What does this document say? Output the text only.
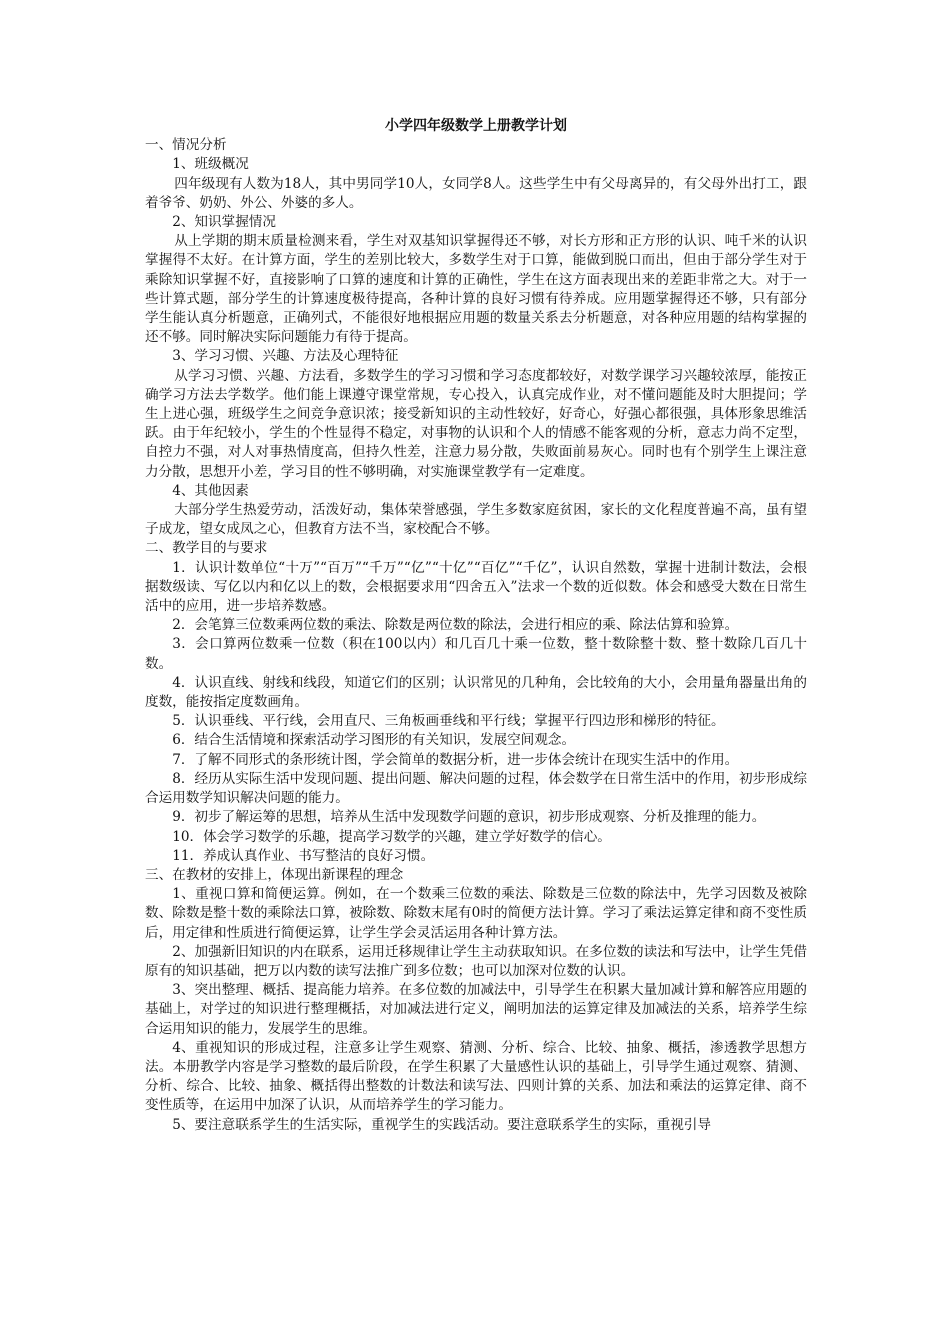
小学四年级数学上册教学计划

一、情况分析

1、班级概况

四年级现有人数为18人，其中男同学10人，女同学8人。这些学生中有父母离异的，有父母外出打工，跟着爷爷、奶奶、外公、外婆的多人。

2、知识掌握情况

从上学期的期末质量检测来看，学生对双基知识掌握得还不够，对长方形和正方形的认识、吨千米的认识掌握得不太好。在计算方面，学生的差别比较大，多数学生对于口算，能做到脱口而出，但由于部分学生对于乘除知识掌握不好，直接影响了口算的速度和计算的正确性，学生在这方面表现出来的差距非常之大。对于一些计算式题，部分学生的计算速度极待提高，各种计算的良好习惯有待养成。应用题掌握得还不够，只有部分学生能认真分析题意，正确列式，不能很好地根据应用题的数量关系去分析题意，对各种应用题的结构掌握的还不够。同时解决实际问题能力有待于提高。

3、学习习惯、兴趣、方法及心理特征

从学习习惯、兴趣、方法看，多数学生的学习习惯和学习态度都较好，对数学课学习兴趣较浓厚，能按正确学习方法去学数学。他们能上课遵守课堂常规，专心投入，认真完成作业，对不懂问题能及时大胆提问；学生上进心强，班级学生之间竞争意识浓；接受新知识的主动性较好，好奇心，好强心都很强，具体形象思维活跃。由于年纪较小，学生的个性显得不稳定，对事物的认识和个人的情感不能客观的分析，意志力尚不定型，自控力不强，对人对事热情度高，但持久性差，注意力易分散，失败面前易灰心。同时也有个别学生上课注意力分散，思想开小差，学习目的性不够明确，对实施课堂教学有一定难度。

4、其他因素

大部分学生热爱劳动，活泼好动，集体荣誉感强，学生多数家庭贫困，家长的文化程度普遍不高，虽有望子成龙，望女成凤之心，但教育方法不当，家校配合不够。

二、教学目的与要求

1．认识计数单位“十万”“百万”“千万”“亿”“十亿”“百亿”“千亿”，认识自然数，掌握十进制计数法，会根据数级读、写亿以内和亿以上的数，会根据要求用“四舍五入”法求一个数的近似数。体会和感受大数在日常生活中的应用，进一步培养数感。

2．会笔算三位数乘两位数的乘法、除数是两位数的除法，会进行相应的乘、除法估算和验算。

3．会口算两位数乘一位数（积在100以内）和几百几十乘一位数，整十数除整十数、整十数除几百几十数。

4．认识直线、射线和线段，知道它们的区别；认识常见的几种角，会比较角的大小，会用量角器量出角的度数，能按指定度数画角。

5．认识垂线、平行线，会用直尺、三角板画垂线和平行线；掌握平行四边形和梯形的特征。

6．结合生活情境和探索活动学习图形的有关知识，发展空间观念。

7．了解不同形式的条形统计图，学会简单的数据分析，进一步体会统计在现实生活中的作用。

8．经历从实际生活中发现问题、提出问题、解决问题的过程，体会数学在日常生活中的作用，初步形成综合运用数学知识解决问题的能力。

9．初步了解运筹的思想，培养从生活中发现数学问题的意识，初步形成观察、分析及推理的能力。

10．体会学习数学的乐趣，提高学习数学的兴趣，建立学好数学的信心。

11．养成认真作业、书写整洁的良好习惯。

三、在教材的安排上，体现出新课程的理念

1、重视口算和简便运算。例如，在一个数乘三位数的乘法、除数是三位数的除法中，先学习因数及被除数、除数是整十数的乘除法口算，被除数、除数末尾有0时的简便方法计算。学习了乘法运算定律和商不变性质后，用定律和性质进行简便运算，让学生学会灵活运用各种计算方法。

2、加强新旧知识的内在联系，运用迁移规律让学生主动获取知识。在多位数的读法和写法中，让学生凭借原有的知识基础，把万以内数的读写法推广到多位数；也可以加深对位数的认识。

3、突出整理、概括、提高能力培养。在多位数的加减法中，引导学生在积累大量加减计算和解答应用题的基础上，对学过的知识进行整理概括，对加减法进行定义，阐明加法的运算定律及加减法的关系，培养学生综合运用知识的能力，发展学生的思维。

4、重视知识的形成过程，注意多让学生观察、猜测、分析、综合、比较、抽象、概括，渗透教学思想方法。本册教学内容是学习整数的最后阶段，在学生积累了大量感性认识的基础上，引导学生通过观察、猜测、分析、综合、比较、抽象、概括得出整数的计数法和读写法、四则计算的关系、加法和乘法的运算定律、商不变性质等，在运用中加深了认识，从而培养学生的学习能力。

5、要注意联系学生的生活实际，重视学生的实践活动。要注意联系学生的实际，重视引导
